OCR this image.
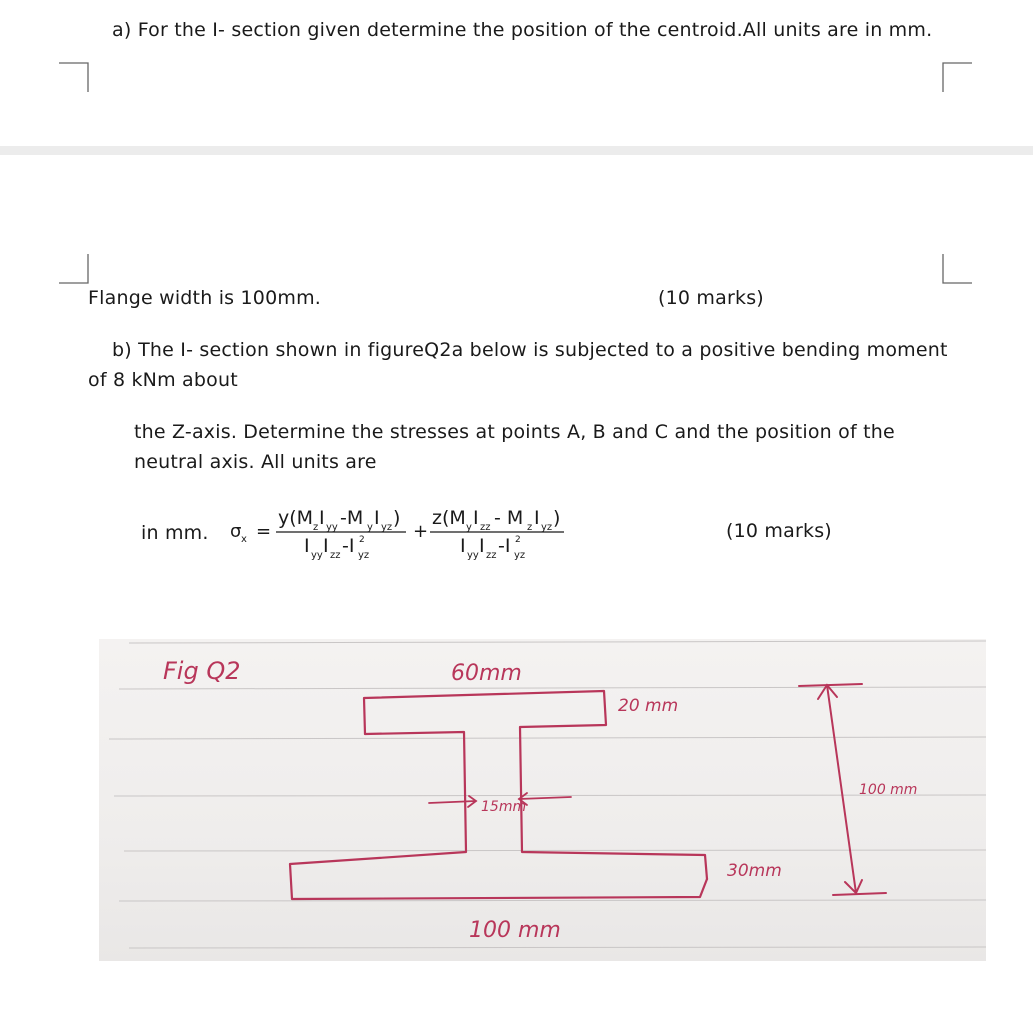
a) For the I- section given determine the position of the centroid.All units are in mm.
Flange width is 100mm.	(10 marks)
b) The I- section shown in figureQ2a below is subjected to a positive bending moment
of 8 kNm about
the Z-axis. Determine the stresses at points A, B and C and the position of the
neutral axis. All units are
in mm. σ x =
y(M z I yy -M y I yz )
I yy I zz -I 2
yz
+
z(M y I zz - M z I yz )
I yy I zz -I 2
yz
(10 marks)
Fig Q2	60mm
20 mm
15mm
100 mm
30mm
100 mm
